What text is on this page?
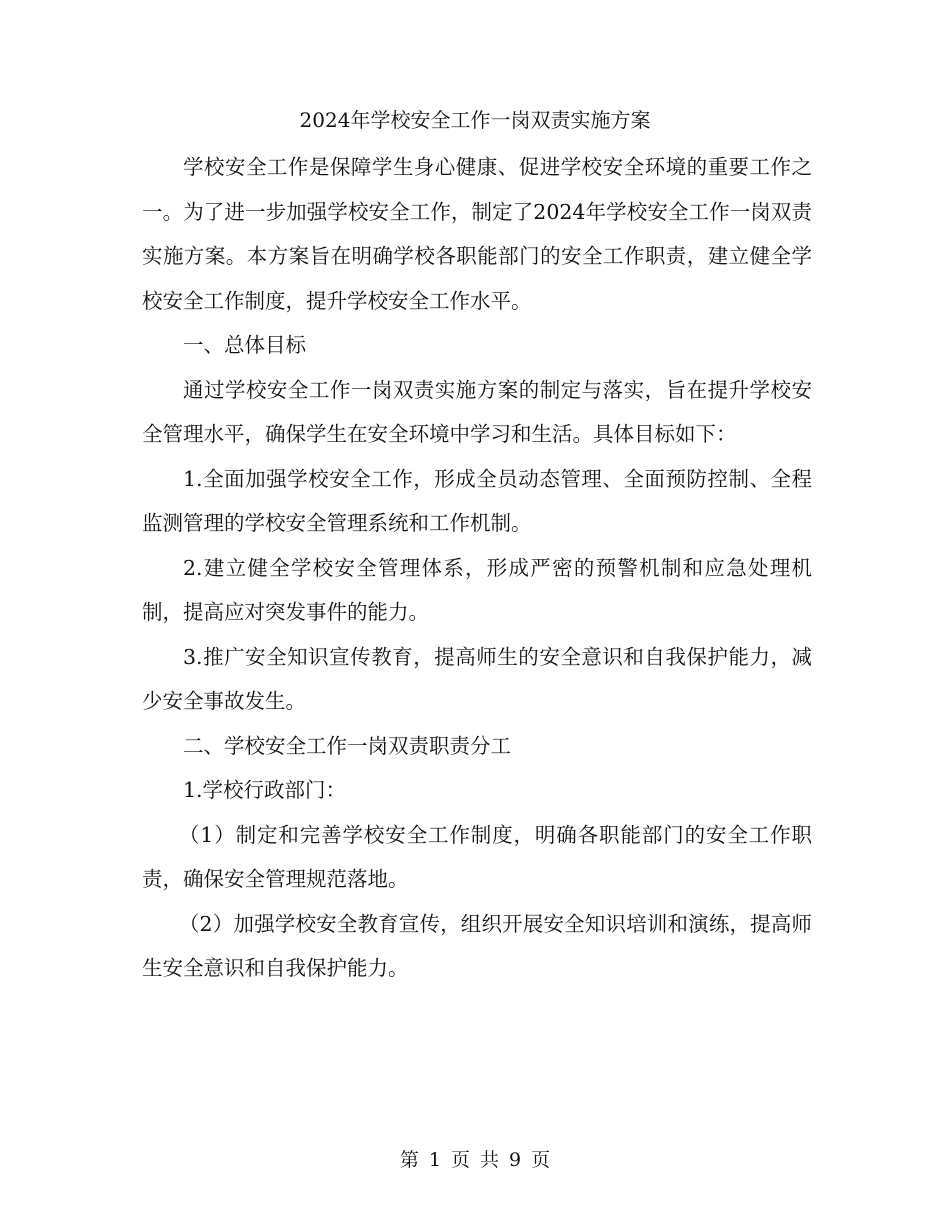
2024年学校安全工作一岗双责实施方案

学校安全工作是保障学生身心健康、促进学校安全环境的重要工作之一。为了进一步加强学校安全工作，制定了2024年学校安全工作一岗双责实施方案。本方案旨在明确学校各职能部门的安全工作职责，建立健全学校安全工作制度，提升学校安全工作水平。

一、总体目标

通过学校安全工作一岗双责实施方案的制定与落实，旨在提升学校安全管理水平，确保学生在安全环境中学习和生活。具体目标如下：

1.全面加强学校安全工作，形成全员动态管理、全面预防控制、全程监测管理的学校安全管理系统和工作机制。

2.建立健全学校安全管理体系，形成严密的预警机制和应急处理机制，提高应对突发事件的能力。

3.推广安全知识宣传教育，提高师生的安全意识和自我保护能力，减少安全事故发生。

二、学校安全工作一岗双责职责分工

1.学校行政部门：

（1）制定和完善学校安全工作制度，明确各职能部门的安全工作职责，确保安全管理规范落地。

（2）加强学校安全教育宣传，组织开展安全知识培训和演练，提高师生安全意识和自我保护能力。

第 1 页 共 9 页
